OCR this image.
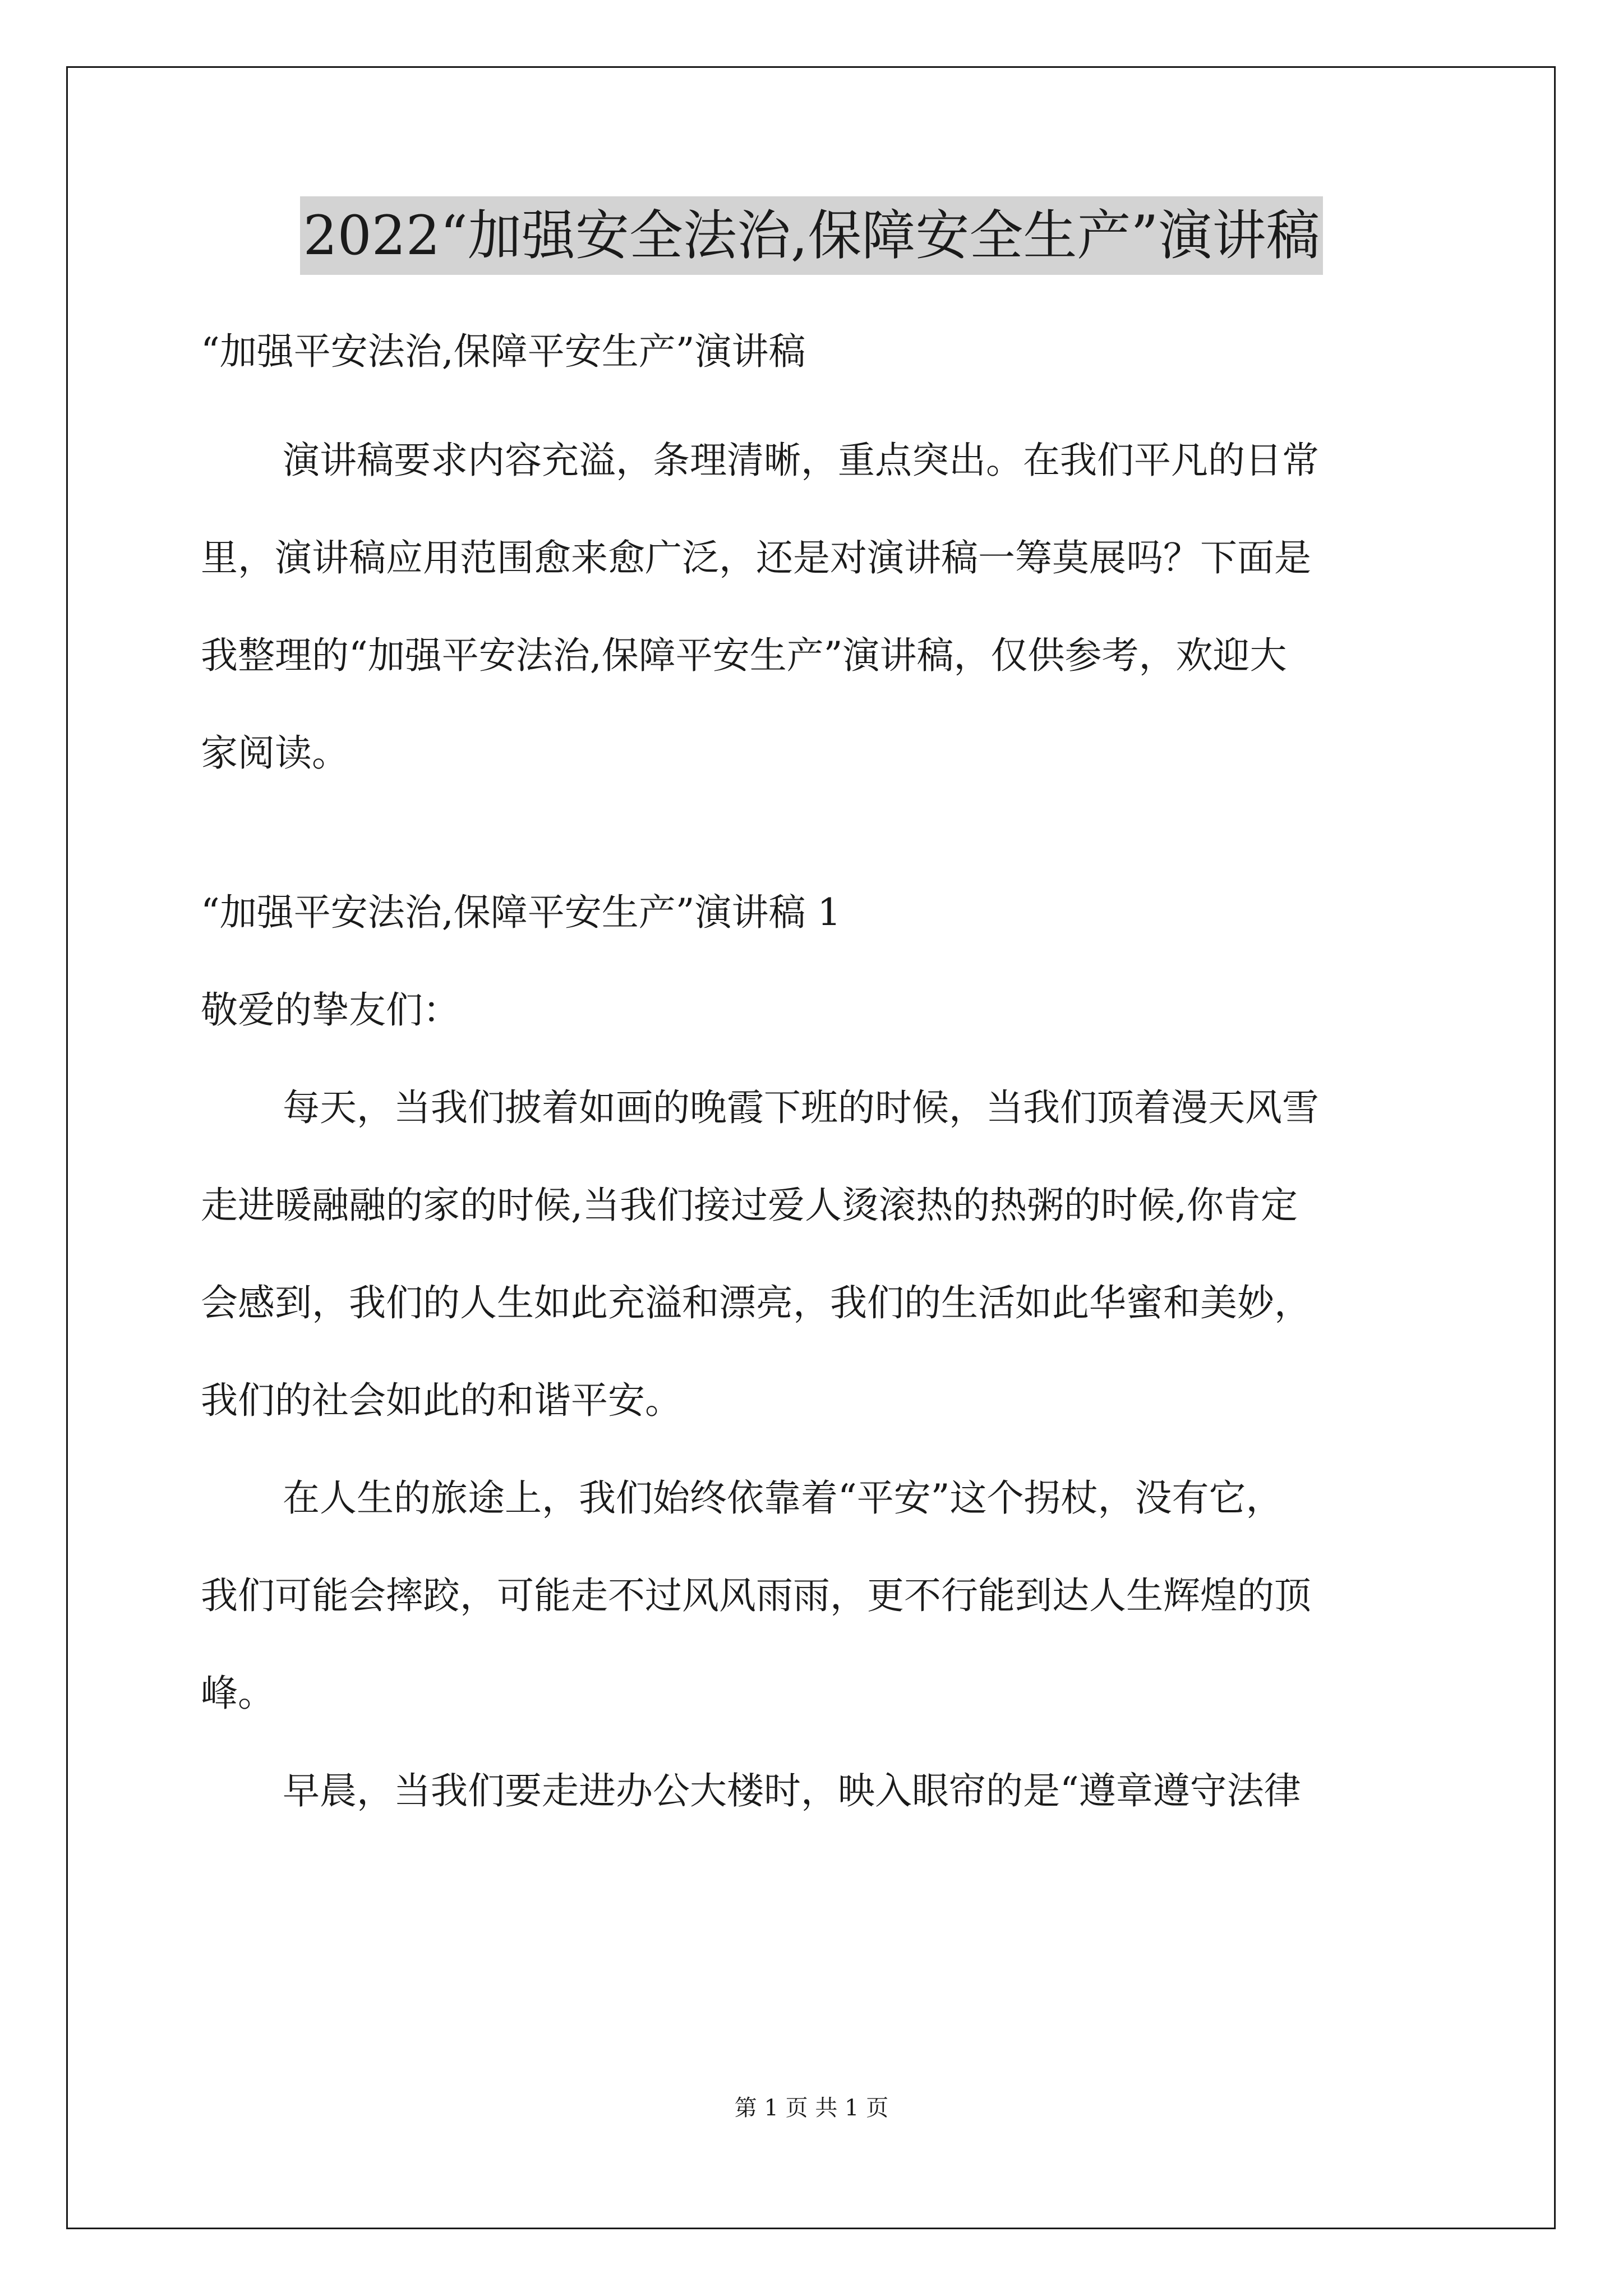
2022“加强安全法治,保障安全生产”演讲稿
“加强平安法治,保障平安生产”演讲稿
演讲稿要求内容充溢，条理清晰，重点突出。在我们平凡的日常
里，演讲稿应用范围愈来愈广泛，还是对演讲稿一筹莫展吗？下面是
我整理的“加强平安法治,保障平安生产”演讲稿，仅供参考，欢迎大
家阅读。
“加强平安法治,保障平安生产”演讲稿 1
敬爱的挚友们：
每天，当我们披着如画的晚霞下班的时候，当我们顶着漫天风雪
走进暖融融的家的时候,当我们接过爱人烫滚热的热粥的时候,你肯定
会感到，我们的人生如此充溢和漂亮，我们的生活如此华蜜和美妙，
我们的社会如此的和谐平安。
在人生的旅途上，我们始终依靠着“平安”这个拐杖，没有它，
我们可能会摔跤，可能走不过风风雨雨，更不行能到达人生辉煌的顶
峰。
早晨，当我们要走进办公大楼时，映入眼帘的是“遵章遵守法律
第 1 页 共 1 页
